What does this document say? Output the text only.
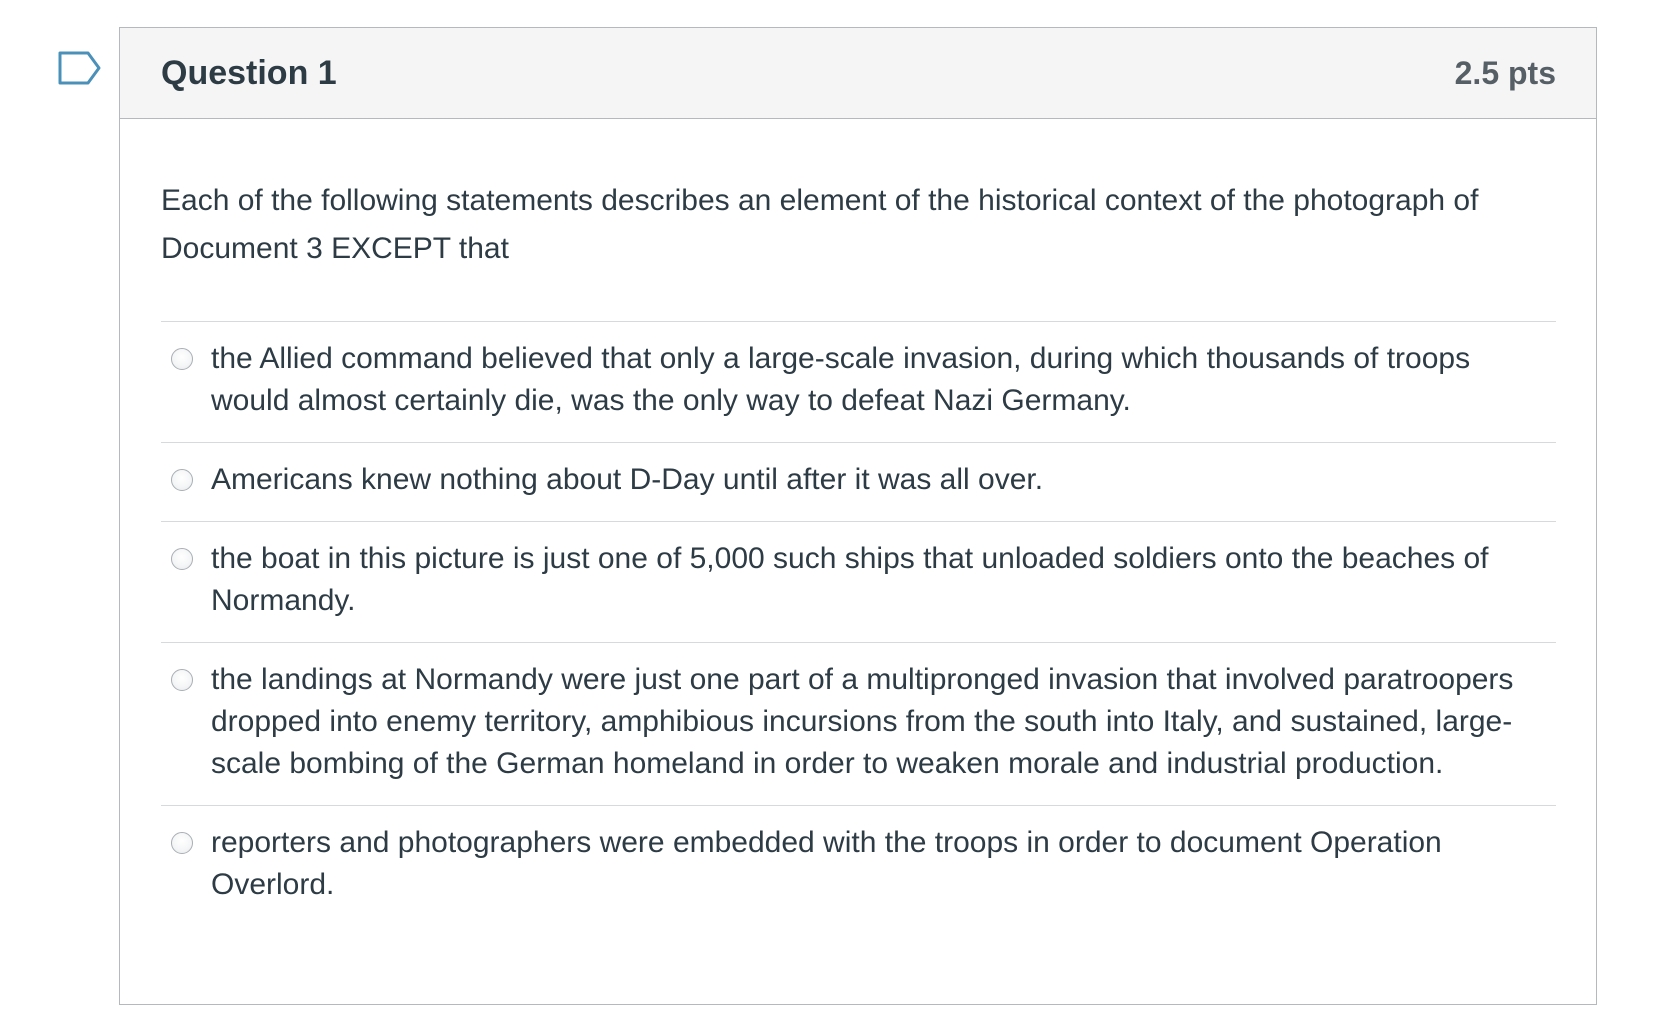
Question 1	2.5 pts

Each of the following statements describes an element of the historical context of the photograph of Document 3 EXCEPT that

the Allied command believed that only a large-scale invasion, during which thousands of troops would almost certainly die, was the only way to defeat Nazi Germany.
Americans knew nothing about D-Day until after it was all over.
the boat in this picture is just one of 5,000 such ships that unloaded soldiers onto the beaches of Normandy.
the landings at Normandy were just one part of a multipronged invasion that involved paratroopers dropped into enemy territory, amphibious incursions from the south into Italy, and sustained, large-scale bombing of the German homeland in order to weaken morale and industrial production.
reporters and photographers were embedded with the troops in order to document Operation Overlord.
